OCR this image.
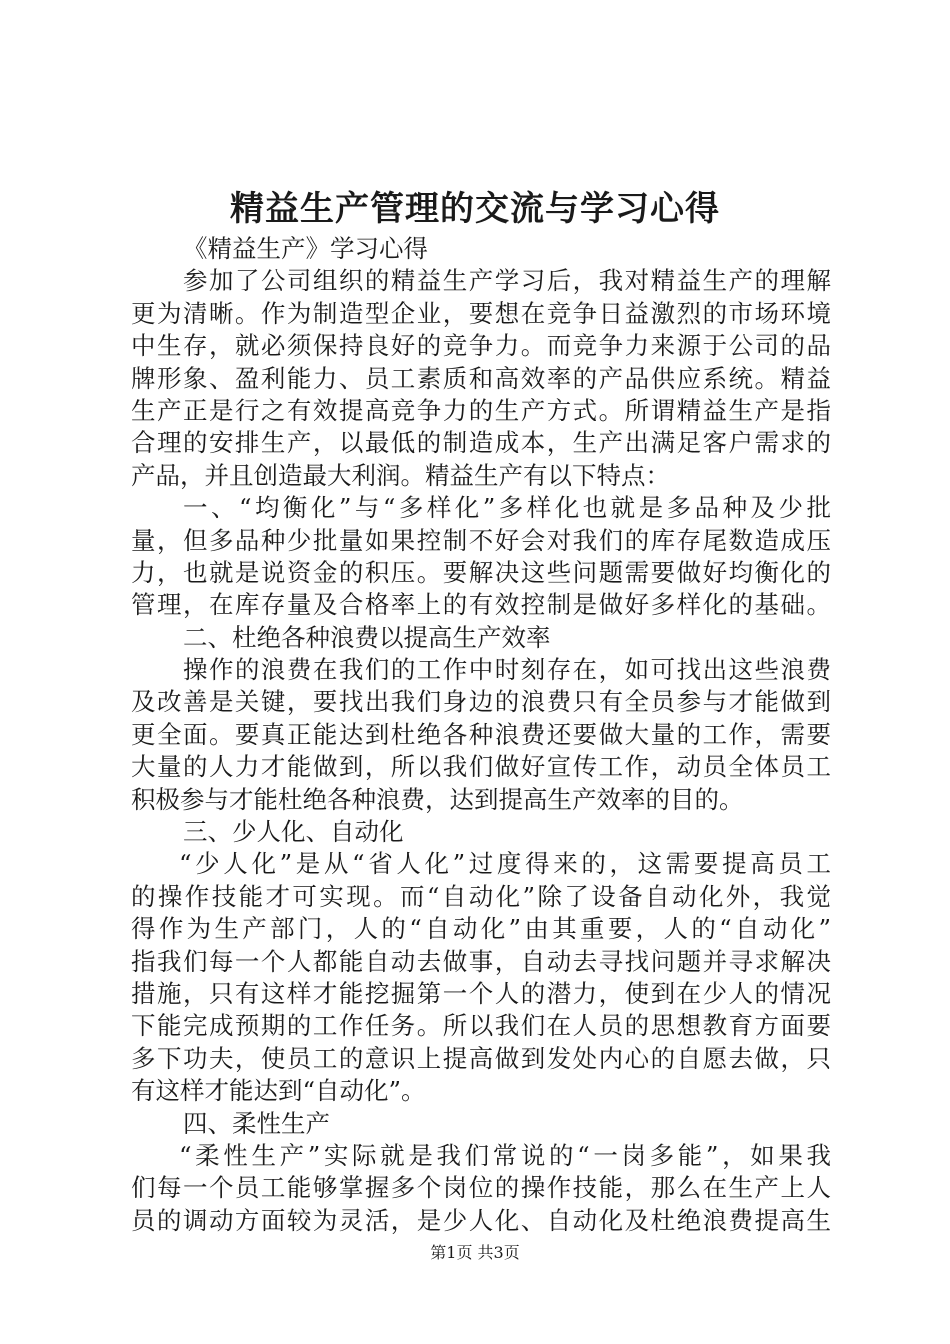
精益生产管理的交流与学习心得
《精益生产》学习心得
参加了公司组织的精益生产学习后，我对精益生产的理解
更为清晰。作为制造型企业，要想在竞争日益激烈的市场环境
中生存，就必须保持良好的竞争力。而竞争力来源于公司的品
牌形象、盈利能力、员工素质和高效率的产品供应系统。精益
生产正是行之有效提高竞争力的生产方式。所谓精益生产是指
合理的安排生产，以最低的制造成本，生产出满足客户需求的
产品，并且创造最大利润。精益生产有以下特点：
一、“均衡化”与“多样化”多样化也就是多品种及少批
量，但多品种少批量如果控制不好会对我们的库存尾数造成压
力，也就是说资金的积压。要解决这些问题需要做好均衡化的
管理，在库存量及合格率上的有效控制是做好多样化的基础。
二、杜绝各种浪费以提高生产效率
操作的浪费在我们的工作中时刻存在，如可找出这些浪费
及改善是关键，要找出我们身边的浪费只有全员参与才能做到
更全面。要真正能达到杜绝各种浪费还要做大量的工作，需要
大量的人力才能做到，所以我们做好宣传工作，动员全体员工
积极参与才能杜绝各种浪费，达到提高生产效率的目的。
三、少人化、自动化
“少人化”是从“省人化”过度得来的，这需要提高员工
的操作技能才可实现。而“自动化”除了设备自动化外，我觉
得作为生产部门，人的“自动化”由其重要，人的“自动化”
指我们每一个人都能自动去做事，自动去寻找问题并寻求解决
措施，只有这样才能挖掘第一个人的潜力，使到在少人的情况
下能完成预期的工作任务。所以我们在人员的思想教育方面要
多下功夫，使员工的意识上提高做到发处内心的自愿去做，只
有这样才能达到“自动化”。
四、柔性生产
“柔性生产”实际就是我们常说的“一岗多能”，如果我
们每一个员工能够掌握多个岗位的操作技能，那么在生产上人
员的调动方面较为灵活，是少人化、自动化及杜绝浪费提高生
第1页 共3页
